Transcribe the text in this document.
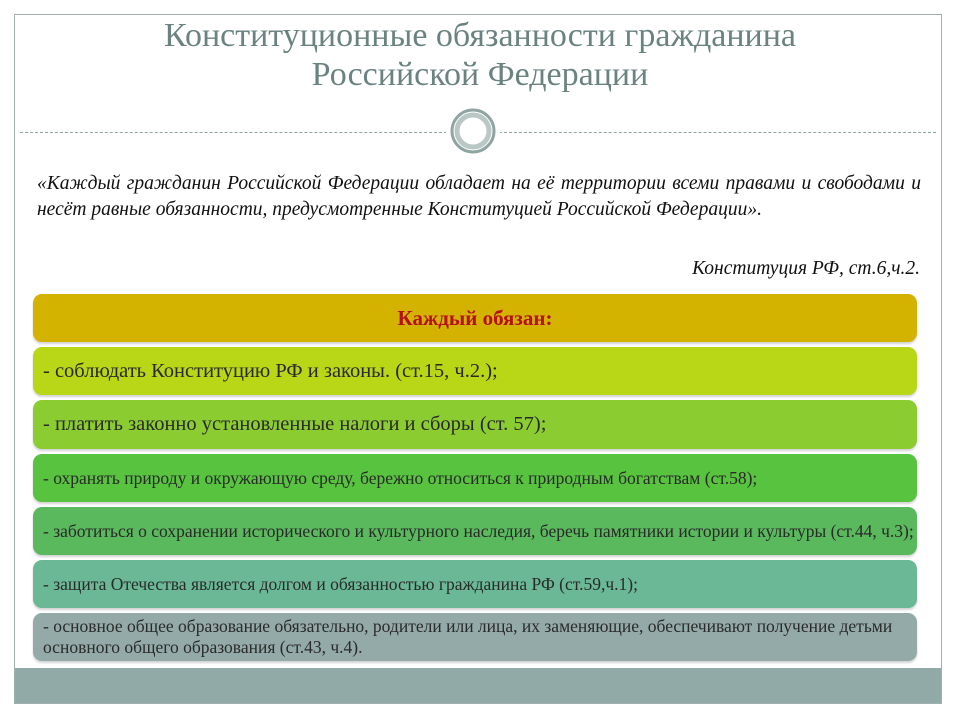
Конституционные обязанности гражданина
Российской Федерации
«Каждый гражданин Российской Федерации обладает на её территории всеми правами и свободами и несёт равные обязанности, предусмотренные Конституцией Российской Федерации».
Конституция РФ, ст.6,ч.2.
Каждый обязан:
- соблюдать Конституцию РФ и законы. (ст.15, ч.2.);
- платить законно установленные налоги и сборы (ст. 57);
- охранять природу и окружающую среду, бережно относиться к природным богатствам (ст.58);
- заботиться о сохранении исторического и культурного наследия, беречь памятники истории и культуры (ст.44, ч.3);
- защита Отечества является долгом и обязанностью гражданина РФ (ст.59,ч.1);
- основное общее образование обязательно, родители или лица, их заменяющие, обеспечивают получение детьми основного общего образования (ст.43, ч.4).
